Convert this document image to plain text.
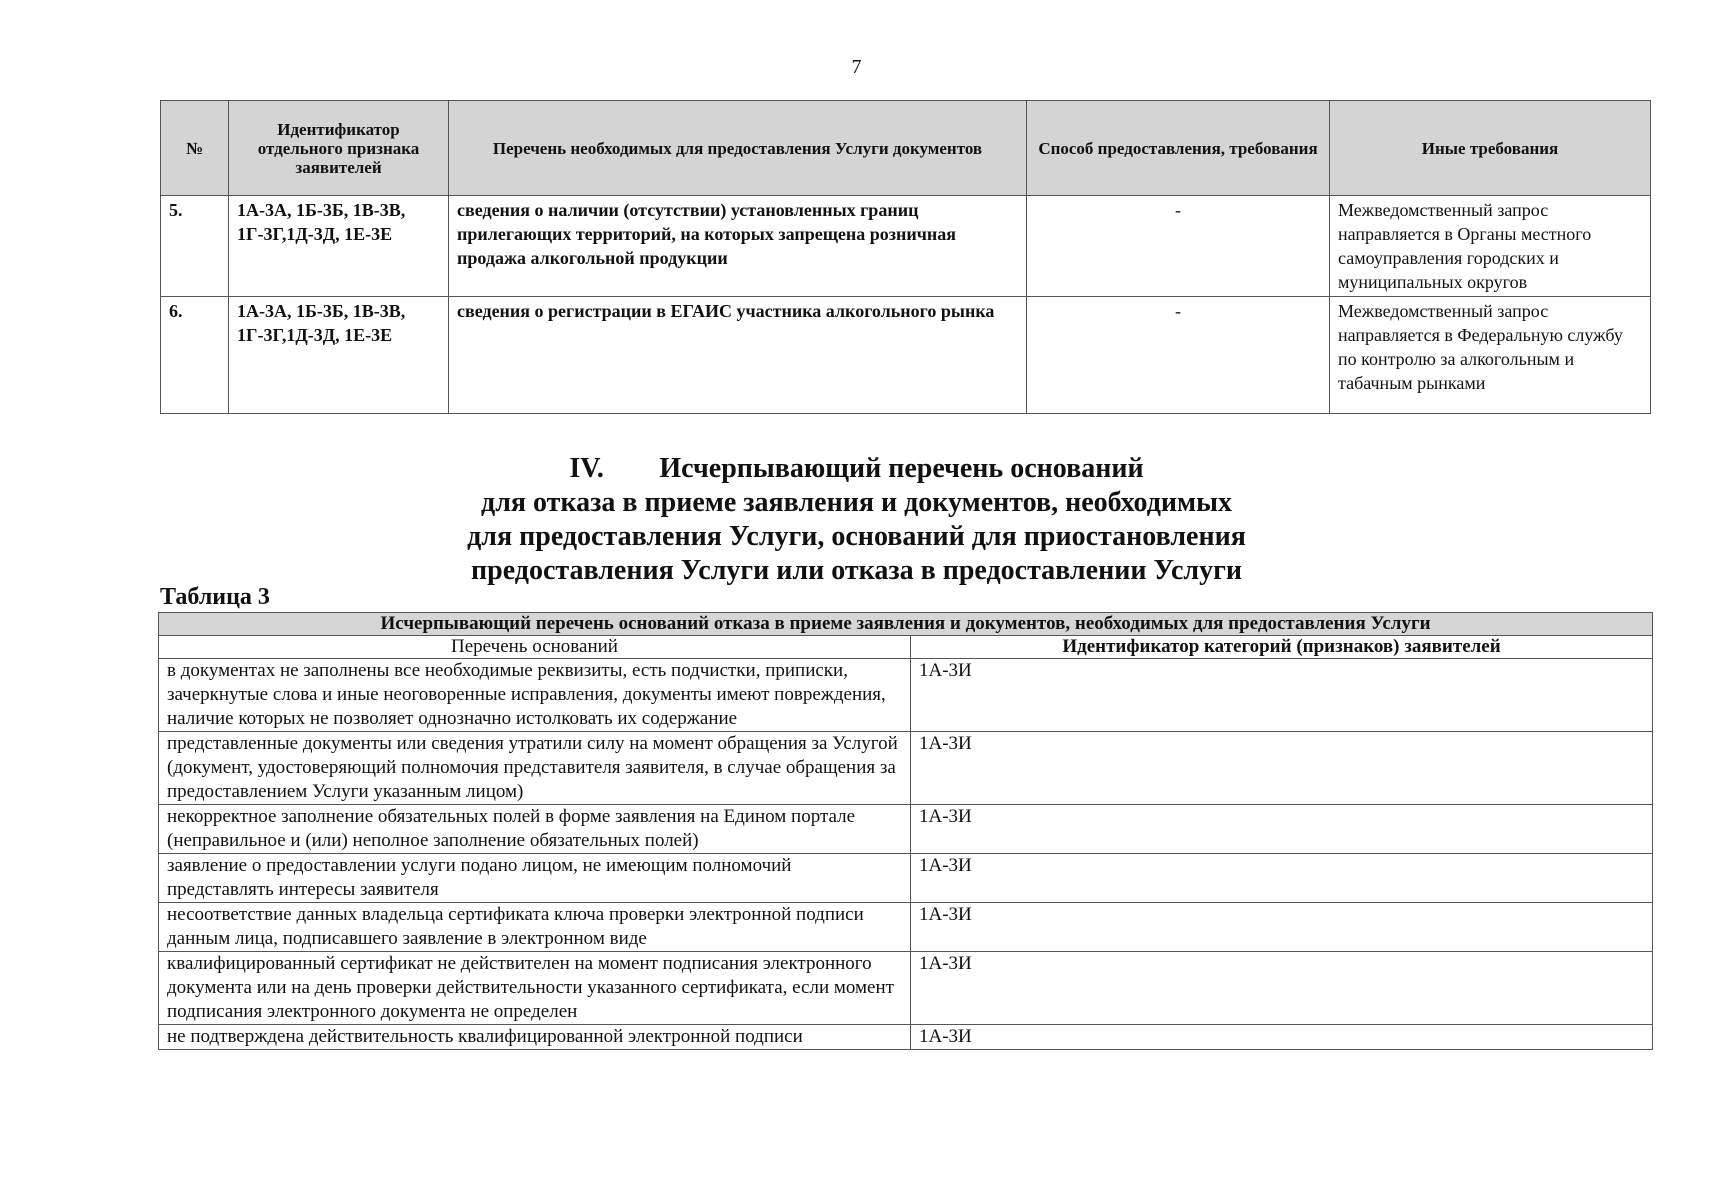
7
№	Идентификатор отдельного признака заявителей	Перечень необходимых для предоставления Услуги документов	Способ предоставления, требования	Иные требования
5.	1А-3А, 1Б-3Б, 1В-3В, 1Г-3Г,1Д-3Д, 1Е-3Е	сведения о наличии (отсутствии) установленных границ прилегающих территорий, на которых запрещена розничная продажа алкогольной продукции	-	Межведомственный запрос направляется в Органы местного самоуправления городских и муниципальных округов
6.	1А-3А, 1Б-3Б, 1В-3В, 1Г-3Г,1Д-3Д, 1Е-3Е	сведения о регистрации в ЕГАИС участника алкогольного рынка	-	Межведомственный запрос направляется в Федеральную службу по контролю за алкогольным и табачным рынками
IV. Исчерпывающий перечень оснований
для отказа в приеме заявления и документов, необходимых
для предоставления Услуги, оснований для приостановления
предоставления Услуги или отказа в предоставлении Услуги

Таблица 3

Исчерпывающий перечень оснований отказа в приеме заявления и документов, необходимых для предоставления Услуги	
Перечень оснований	Идентификатор категорий (признаков) заявителей
в документах не заполнены все необходимые реквизиты, есть подчистки, приписки, зачеркнутые слова и иные неоговоренные исправления, документы имеют повреждения, наличие которых не позволяет однозначно истолковать их содержание	1А-3И
представленные документы или сведения утратили силу на момент обращения за Услугой (документ, удостоверяющий полномочия представителя заявителя, в случае обращения за предоставлением Услуги указанным лицом)	1А-3И
некорректное заполнение обязательных полей в форме заявления на Едином портале (неправильное и (или) неполное заполнение обязательных полей)	1А-3И
заявление о предоставлении услуги подано лицом, не имеющим полномочий представлять интересы заявителя	1А-3И
несоответствие данных владельца сертификата ключа проверки электронной подписи данным лица, подписавшего заявление в электронном виде	1А-3И
квалифицированный сертификат не действителен на момент подписания электронного документа или на день проверки действительности указанного сертификата, если момент подписания электронного документа не определен	1А-3И
не подтверждена действительность квалифицированной электронной подписи	1А-3И
